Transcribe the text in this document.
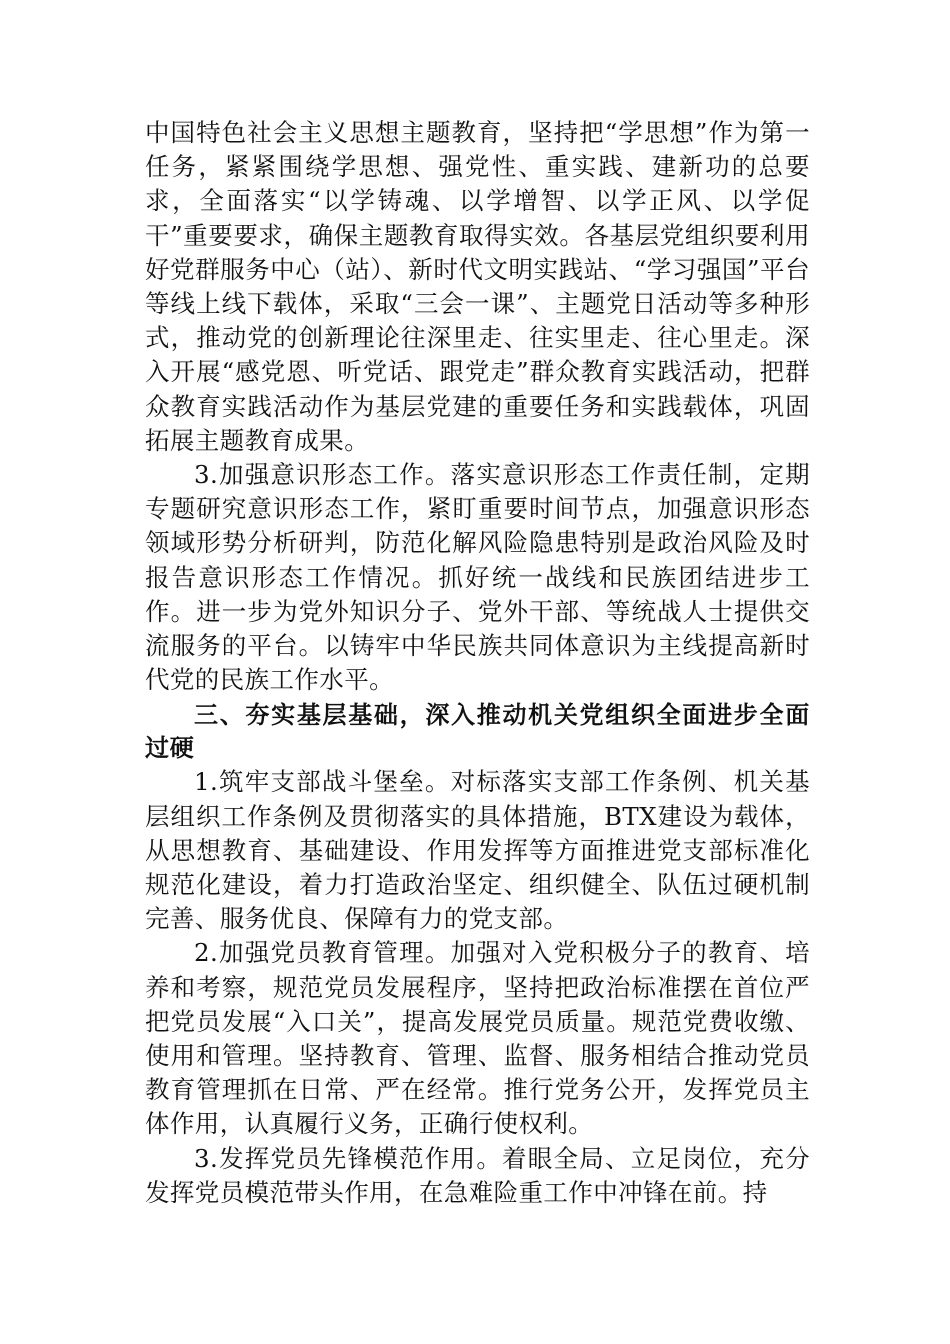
中国特色社会主义思想主题教育，坚持把“学思想”作为第一任务，紧紧围绕学思想、强党性、重实践、建新功的总要求，全面落实“以学铸魂、以学增智、以学正风、以学促干”重要要求，确保主题教育取得实效。各基层党组织要利用好党群服务中心（站）、新时代文明实践站、“学习强国”平台等线上线下载体，采取“三会一课”、主题党日活动等多种形式，推动党的创新理论往深里走、往实里走、往心里走。深入开展“感党恩、听党话、跟党走”群众教育实践活动，把群众教育实践活动作为基层党建的重要任务和实践载体，巩固拓展主题教育成果。

3.加强意识形态工作。落实意识形态工作责任制，定期专题研究意识形态工作，紧盯重要时间节点，加强意识形态领域形势分析研判，防范化解风险隐患特别是政治风险及时报告意识形态工作情况。抓好统一战线和民族团结进步工作。进一步为党外知识分子、党外干部、等统战人士提供交流服务的平台。以铸牢中华民族共同体意识为主线提高新时代党的民族工作水平。

三、夯实基层基础，深入推动机关党组织全面进步全面过硬

1.筑牢支部战斗堡垒。对标落实支部工作条例、机关基层组织工作条例及贯彻落实的具体措施，BTX建设为载体，从思想教育、基础建设、作用发挥等方面推进党支部标准化规范化建设，着力打造政治坚定、组织健全、队伍过硬机制完善、服务优良、保障有力的党支部。

2.加强党员教育管理。加强对入党积极分子的教育、培养和考察，规范党员发展程序，坚持把政治标准摆在首位严把党员发展“入口关”，提高发展党员质量。规范党费收缴、使用和管理。坚持教育、管理、监督、服务相结合推动党员教育管理抓在日常、严在经常。推行党务公开，发挥党员主体作用，认真履行义务，正确行使权利。

3.发挥党员先锋模范作用。着眼全局、立足岗位，充分发挥党员模范带头作用，在急难险重工作中冲锋在前。持
